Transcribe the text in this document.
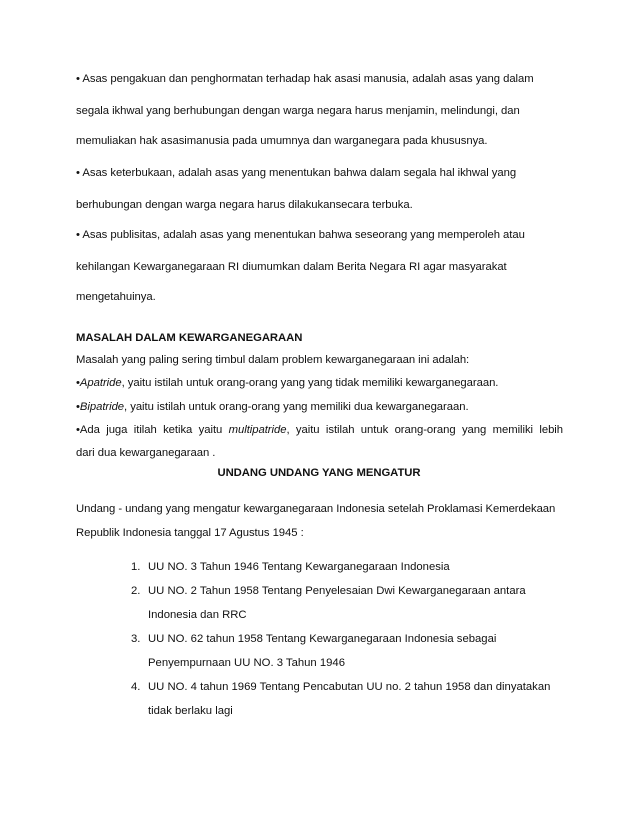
• Asas pengakuan dan penghormatan terhadap hak asasi manusia, adalah asas yang dalam
segala ikhwal yang berhubungan dengan warga negara harus menjamin, melindungi, dan
memuliakan hak asasimanusia pada umumnya dan warganegara pada khususnya.
• Asas keterbukaan, adalah asas yang menentukan bahwa dalam segala hal ikhwal yang
berhubungan dengan warga negara harus dilakukansecara terbuka.
• Asas publisitas, adalah asas yang menentukan bahwa seseorang yang memperoleh atau
kehilangan Kewarganegaraan RI diumumkan dalam Berita Negara RI agar masyarakat
mengetahuinya.
MASALAH DALAM KEWARGANEGARAAN
Masalah yang paling sering timbul dalam problem kewarganegaraan ini adalah:
•Apatride, yaitu istilah untuk orang-orang yang yang tidak memiliki kewarganegaraan.
•Bipatride, yaitu istilah untuk orang-orang yang memiliki dua kewarganegaraan.
•Ada juga itilah ketika yaitu multipatride, yaitu istilah untuk orang-orang yang memiliki lebih
dari dua kewarganegaraan .
UNDANG UNDANG YANG MENGATUR
Undang - undang yang mengatur kewarganegaraan Indonesia setelah Proklamasi Kemerdekaan
Republik Indonesia tanggal 17 Agustus 1945 :
1. UU NO. 3 Tahun 1946 Tentang Kewarganegaraan Indonesia
2. UU NO. 2 Tahun 1958 Tentang Penyelesaian Dwi Kewarganegaraan antara
Indonesia dan RRC
3. UU NO. 62 tahun 1958 Tentang Kewarganegaraan Indonesia sebagai
Penyempurnaan UU NO. 3 Tahun 1946
4. UU NO. 4 tahun 1969 Tentang Pencabutan UU no. 2 tahun 1958 dan dinyatakan
tidak berlaku lagi
